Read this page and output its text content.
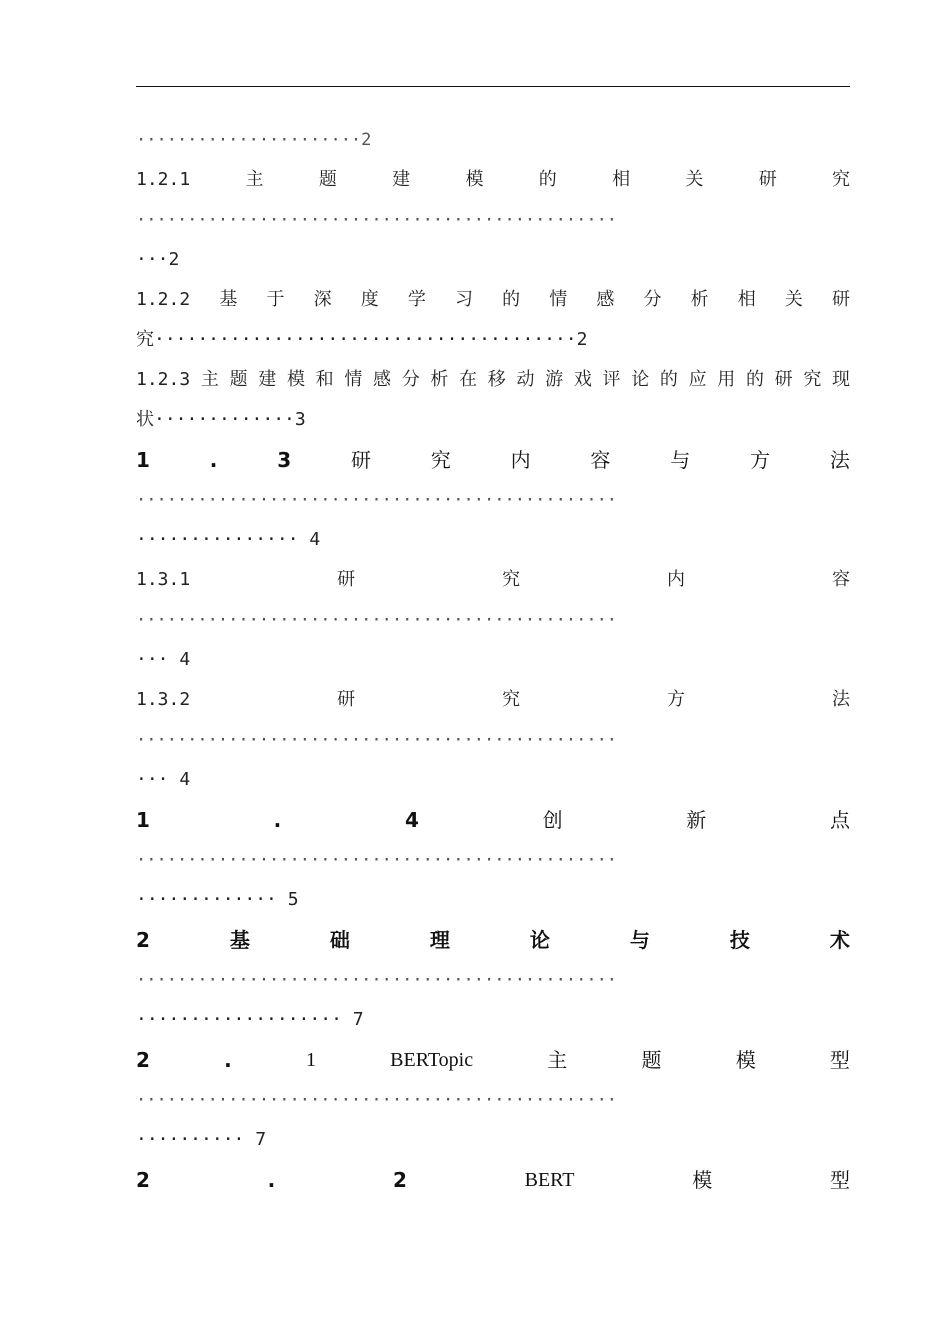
······················2
1.2.1	主	题	建	模	的	相	关	研	究
···············································
···2
1.2.2 基 于 深 度 学 习 的 情 感 分 析 相 关 研
究·······································2
1.2.3 主 题 建 模 和 情 感 分 析 在 移 动 游 戏 评 论 的 应 用 的 研 究 现
状·············3
1	.	3	研	究	内	容	与	方	法
···············································
··············· 4
1.3.1	研	究	内	容
···············································
··· 4
1.3.2	研	究	方	法
···············································
··· 4
1	.	4	创	新	点
···············································
············· 5
2	基	础	理	论	与	技	术
···············································
··················· 7
2	.	1	BERTopic	主	题	模	型
···············································
·········· 7
2	.	2	BERT	模	型
